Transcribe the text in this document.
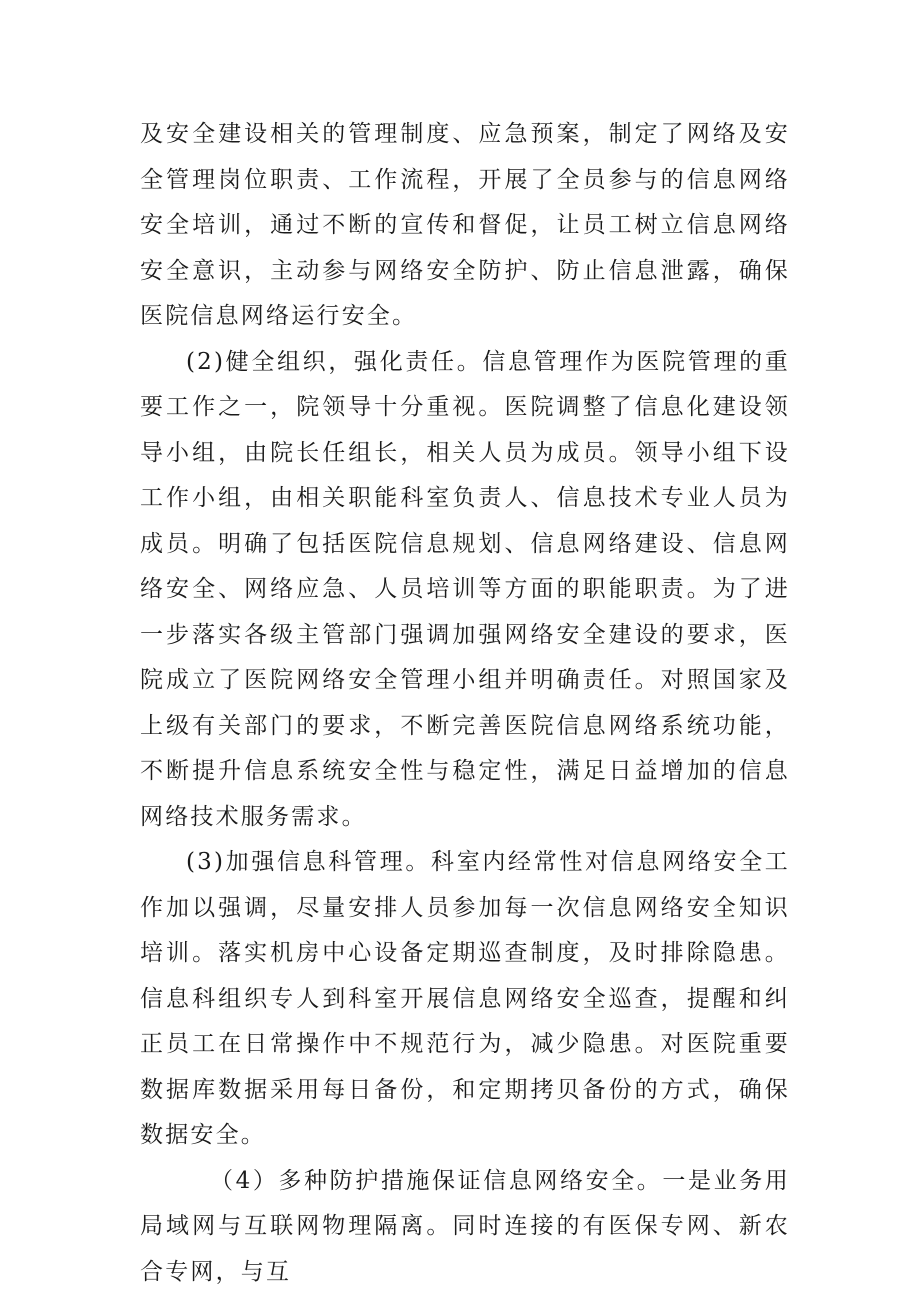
及安全建设相关的管理制度、应急预案，制定了网络及安全管理岗位职责、工作流程，开展了全员参与的信息网络安全培训，通过不断的宣传和督促，让员工树立信息网络安全意识，主动参与网络安全防护、防止信息泄露，确保医院信息网络运行安全。

(2)健全组织，强化责任。信息管理作为医院管理的重要工作之一，院领导十分重视。医院调整了信息化建设领导小组，由院长任组长，相关人员为成员。领导小组下设工作小组，由相关职能科室负责人、信息技术专业人员为成员。明确了包括医院信息规划、信息网络建设、信息网络安全、网络应急、人员培训等方面的职能职责。为了进一步落实各级主管部门强调加强网络安全建设的要求，医院成立了医院网络安全管理小组并明确责任。对照国家及上级有关部门的要求，不断完善医院信息网络系统功能，不断提升信息系统安全性与稳定性，满足日益增加的信息网络技术服务需求。

(3)加强信息科管理。科室内经常性对信息网络安全工作加以强调，尽量安排人员参加每一次信息网络安全知识培训。落实机房中心设备定期巡查制度，及时排除隐患。信息科组织专人到科室开展信息网络安全巡查，提醒和纠正员工在日常操作中不规范行为，减少隐患。对医院重要数据库数据采用每日备份，和定期拷贝备份的方式，确保数据安全。

（4）多种防护措施保证信息网络安全。一是业务用局域网与互联网物理隔离。同时连接的有医保专网、新农合专网，与互
